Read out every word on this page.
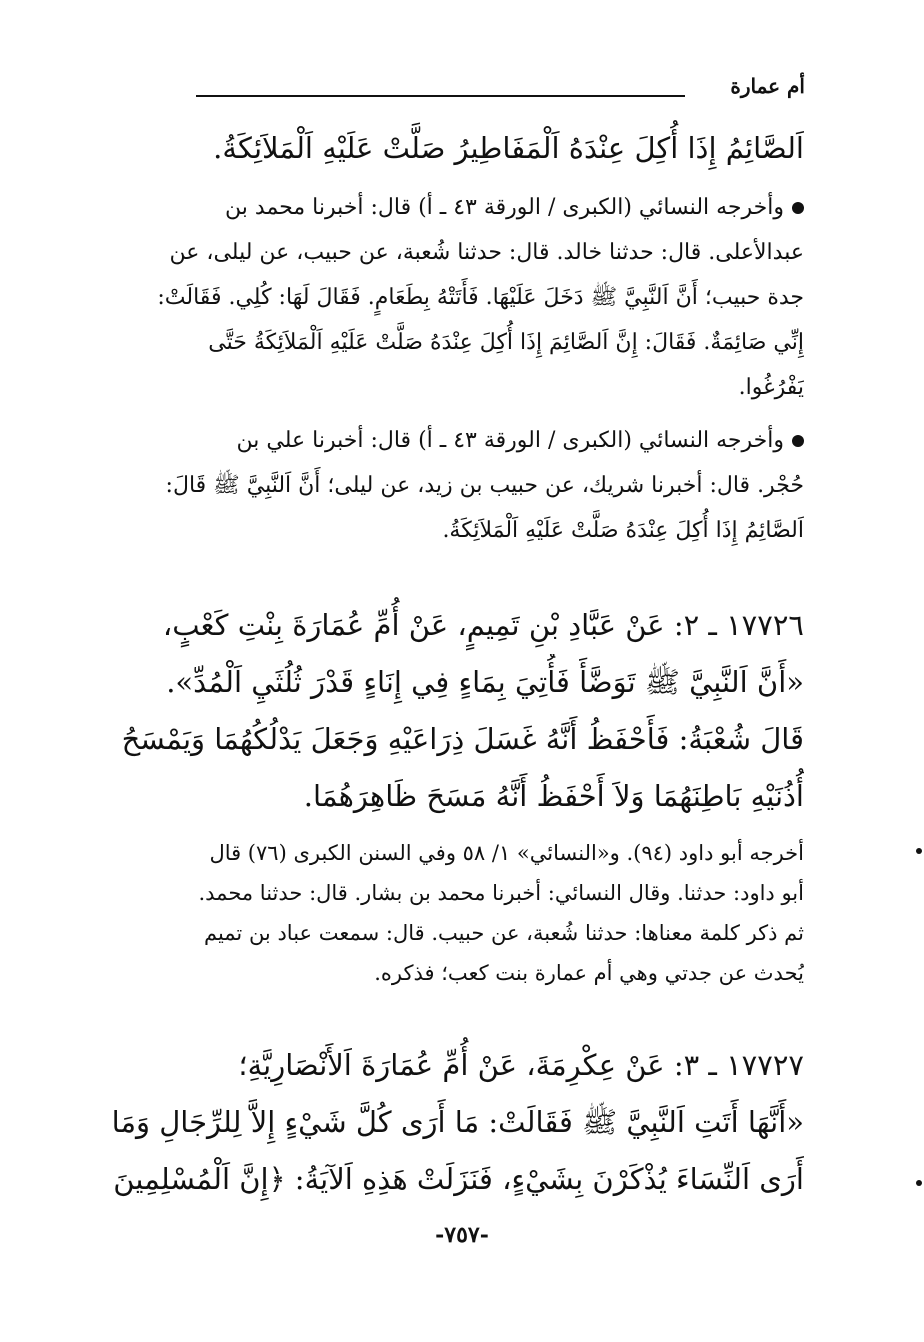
أم عمارة

اَلصَّائِمُ إِذَا أُكِلَ عِنْدَهُ اَلْمَفَاطِيرُ صَلَّتْ عَلَيْهِ اَلْمَلاَئِكَةُ.

وأخرجه النسائي (الكبرى / الورقة ٤٣ ـ أ) قال: أخبرنا محمد بن

عبدالأعلى. قال: حدثنا خالد. قال: حدثنا شُعبة، عن حبيب، عن ليلى، عن

جدة حبيب؛ أَنَّ اَلنَّبِيَّ ﷺ دَخَلَ عَلَيْهَا. فَأَتَتْهُ بِطَعَامٍ. فَقَالَ لَهَا: كُلِي. فَقَالَتْ:

إِنِّي صَائِمَةٌ. فَقَالَ: إِنَّ اَلصَّائِمَ إِذَا أُكِلَ عِنْدَهُ صَلَّتْ عَلَيْهِ اَلْمَلاَئِكَةُ حَتَّى

يَفْرُغُوا.

وأخرجه النسائي (الكبرى / الورقة ٤٣ ـ أ) قال: أخبرنا علي بن

حُجْر. قال: أخبرنا شريك، عن حبيب بن زيد، عن ليلى؛ أَنَّ اَلنَّبِيَّ ﷺ قَالَ:

اَلصَّائِمُ إِذَا أُكِلَ عِنْدَهُ صَلَّتْ عَلَيْهِ اَلْمَلاَئِكَةُ.

١٧٧٢٦ ـ ٢: عَنْ عَبَّادِ بْنِ تَمِيمٍ، عَنْ أُمِّ عُمَارَةَ بِنْتِ كَعْبٍ،

«أَنَّ اَلنَّبِيَّ ﷺ تَوَضَّأَ فَأُتِيَ بِمَاءٍ فِي إِنَاءٍ قَدْرَ ثُلُثَيِ اَلْمُدِّ».

قَالَ شُعْبَةُ: فَأَحْفَظُ أَنَّهُ غَسَلَ ذِرَاعَيْهِ وَجَعَلَ يَدْلُكُهُمَا وَيَمْسَحُ

أُذُنَيْهِ بَاطِنَهُمَا وَلاَ أَحْفَظُ أَنَّهُ مَسَحَ ظَاهِرَهُمَا.

أخرجه أبو داود (٩٤). و«النسائي» ١/ ٥٨ وفي السنن الكبرى (٧٦) قال

أبو داود: حدثنا. وقال النسائي: أخبرنا محمد بن بشار. قال: حدثنا محمد.

ثم ذكر كلمة معناها: حدثنا شُعبة، عن حبيب. قال: سمعت عباد بن تميم

يُحدث عن جدتي وهي أم عمارة بنت كعب؛ فذكره.

١٧٧٢٧ ـ ٣: عَنْ عِكْرِمَةَ، عَنْ أُمِّ عُمَارَةَ اَلأَنْصَارِيَّةِ؛

«أَنَّهَا أَتَتِ اَلنَّبِيَّ ﷺ فَقَالَتْ: مَا أَرَى كُلَّ شَيْءٍ إِلاَّ لِلرِّجَالِ وَمَا

أَرَى اَلنِّسَاءَ يُذْكَرْنَ بِشَيْءٍ، فَنَزَلَتْ هَذِهِ اَلآيَةُ: ﴿إِنَّ اَلْمُسْلِمِينَ

-٧٥٧-
